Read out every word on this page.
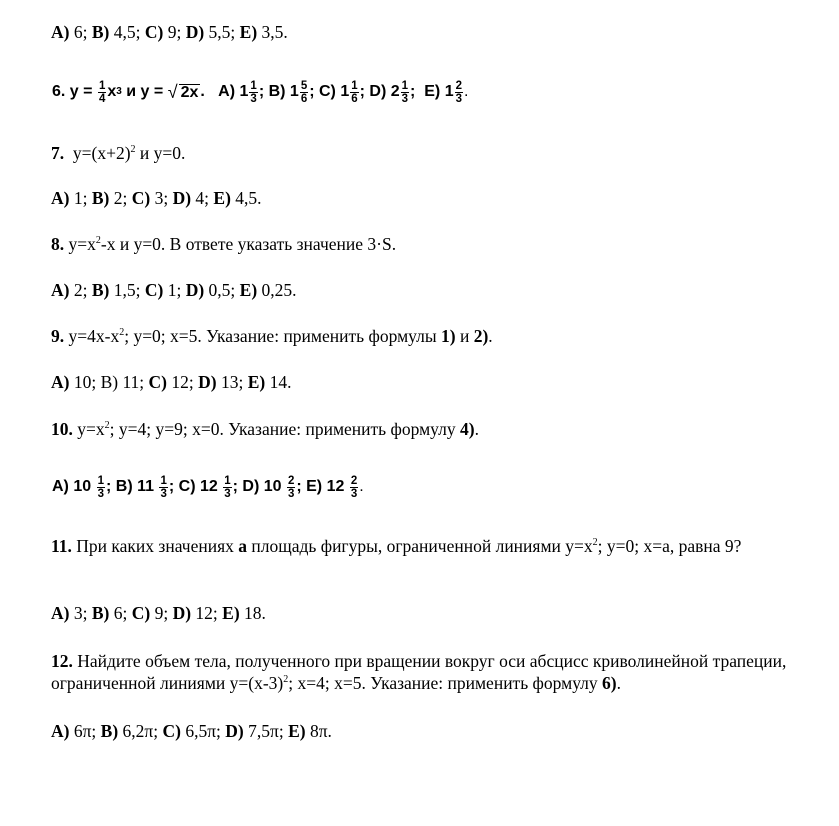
A) 6; B) 4,5; C) 9; D) 5,5; E) 3,5.
6.
y =
$\frac{1}{4}$ x 3
и y =
√ 2x .
A) $1 \frac{1}{3}$ ; B) $1 \frac{5}{6}$ ; C) $1 \frac{1}{6}$ ; D) $2 \frac{1}{3}$ ;  E) $1 \frac{2}{3}$ .
7.  $y=(x+2)^2$ и y=0.
A) 1; B) 2; C) 3; D) 4; E) 4,5.
8. $y=x^2-x$ и y=0. В ответе указать значение 3·S.
A) 2; B) 1,5; C) 1; D) 0,5; E) 0,25.
9. $y=4x-x^2$; y=0; x=5. Указание: применить формулы 1) и 2).
A) 10; B) 11; C) 12; D) 13; E) 14.
10. $y=x^2$; y=4; y=9; x=0. Указание: применить формулу 4).
A) $10 \frac{1}{3}$ ; B) $11 \frac{1}{3}$ ; C) $12 \frac{1}{3}$ ; D) $10 \frac{2}{3}$ ; E) $12 \frac{2}{3}$ .
11. При каких значениях а площадь фигуры, ограниченной линиями $y=x^2$; y=0; x=a, равна 9?
A) 3; B) 6; C) 9; D) 12; E) 18.
12. Найдите объем тела, полученного при вращении вокруг оси абсцисс криволинейной трапеции, ограниченной линиями $y=(x-3)^2$; x=4; x=5. Указание: применить формулу 6).
A) 6π; B) 6,2π; C) 6,5π; D) 7,5π; E) 8π.
